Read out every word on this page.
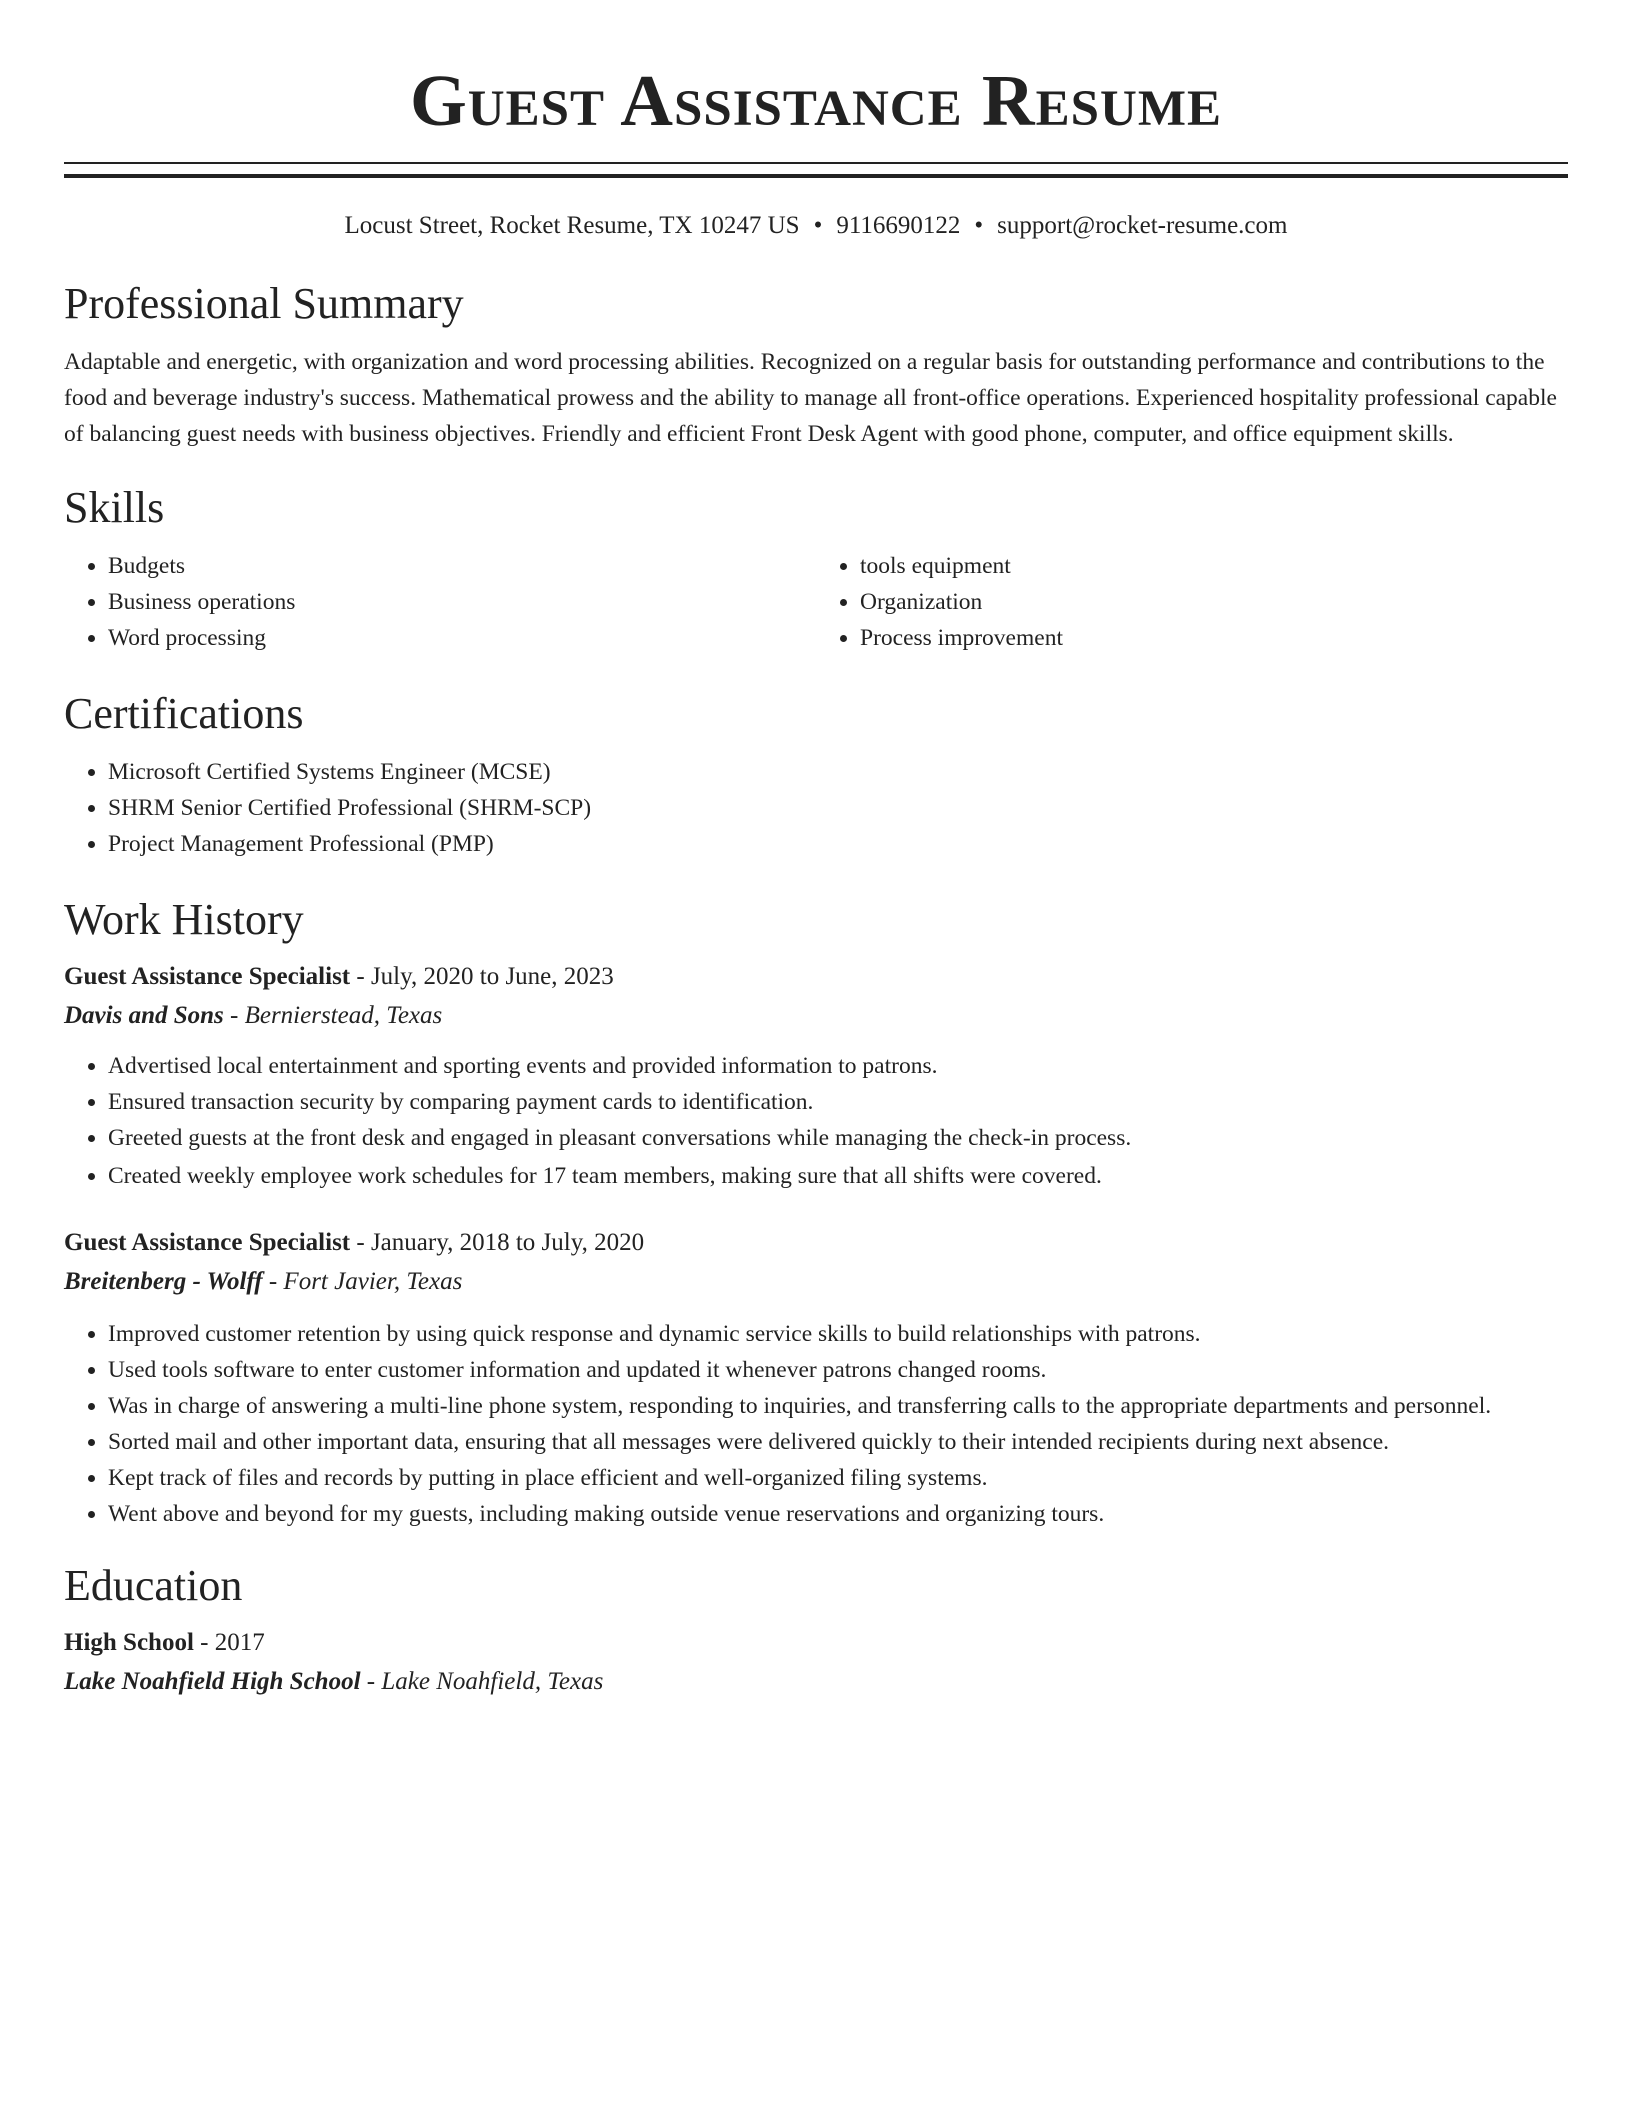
Guest Assistance Resume
Locust Street, Rocket Resume, TX 10247 US • 9116690122 • support@rocket-resume.com
Professional Summary

Adaptable and energetic, with organization and word processing abilities. Recognized on a regular basis for outstanding performance and contributions to the food and beverage industry's success. Mathematical prowess and the ability to manage all front-office operations. Experienced hospitality professional capable of balancing guest needs with business objectives. Friendly and efficient Front Desk Agent with good phone, computer, and office equipment skills.

Skills
• Budgets
• Business operations
• Word processing
• tools equipment
• Organization
• Process improvement
Certifications
• Microsoft Certified Systems Engineer (MCSE)
• SHRM Senior Certified Professional (SHRM-SCP)
• Project Management Professional (PMP)
Work History
Guest Assistance Specialist - July, 2020 to June, 2023
Davis and Sons - Bernierstead, Texas
• Advertised local entertainment and sporting events and provided information to patrons.
• Ensured transaction security by comparing payment cards to identification.
• Greeted guests at the front desk and engaged in pleasant conversations while managing the check-in process.
• Created weekly employee work schedules for 17 team members, making sure that all shifts were covered.
Guest Assistance Specialist - January, 2018 to July, 2020
Breitenberg - Wolff - Fort Javier, Texas
• Improved customer retention by using quick response and dynamic service skills to build relationships with patrons.
• Used tools software to enter customer information and updated it whenever patrons changed rooms.
• Was in charge of answering a multi-line phone system, responding to inquiries, and transferring calls to the appropriate departments and personnel.
• Sorted mail and other important data, ensuring that all messages were delivered quickly to their intended recipients during next absence.
• Kept track of files and records by putting in place efficient and well-organized filing systems.
• Went above and beyond for my guests, including making outside venue reservations and organizing tours.
Education
High School - 2017
Lake Noahfield High School - Lake Noahfield, Texas
